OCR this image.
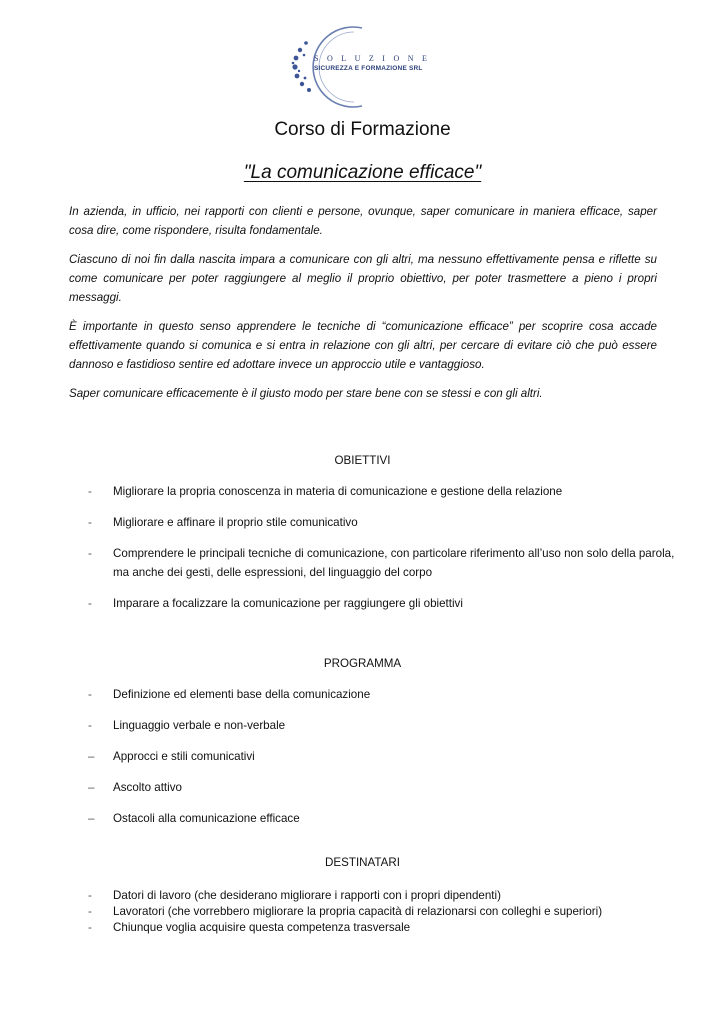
SOLUZIONE
SICUREZZA E FORMAZIONE SRL
Corso di Formazione
"La comunicazione efficace"

In azienda, in ufficio, nei rapporti con clienti e persone, ovunque, saper comunicare in maniera efficace, saper cosa dire, come rispondere, risulta fondamentale.

Ciascuno di noi fin dalla nascita impara a comunicare con gli altri, ma nessuno effettivamente pensa e riflette su come comunicare per poter raggiungere al meglio il proprio obiettivo, per poter trasmettere a pieno i propri messaggi.

È importante in questo senso apprendere le tecniche di “comunicazione efficace” per scoprire cosa accade effettivamente quando si comunica e si entra in relazione con gli altri, per cercare di evitare ciò che può essere dannoso e fastidioso sentire ed adottare invece un approccio utile e vantaggioso.

Saper comunicare efficacemente è il giusto modo per stare bene con se stessi e con gli altri.

OBIETTIVI
- Migliorare la propria conoscenza in materia di comunicazione e gestione della relazione
- Migliorare e affinare il proprio stile comunicativo
- Comprendere le principali tecniche di comunicazione, con particolare riferimento all’uso non solo della parola, ma anche dei gesti, delle espressioni, del linguaggio del corpo
- Imparare a focalizzare la comunicazione per raggiungere gli obiettivi
PROGRAMMA
- Definizione ed elementi base della comunicazione
- Linguaggio verbale e non-verbale
– Approcci e stili comunicativi
– Ascolto attivo
– Ostacoli alla comunicazione efficace
DESTINATARI
- Datori di lavoro (che desiderano migliorare i rapporti con i propri dipendenti)
- Lavoratori (che vorrebbero migliorare la propria capacità di relazionarsi con colleghi e superiori)
- Chiunque voglia acquisire questa competenza trasversale
